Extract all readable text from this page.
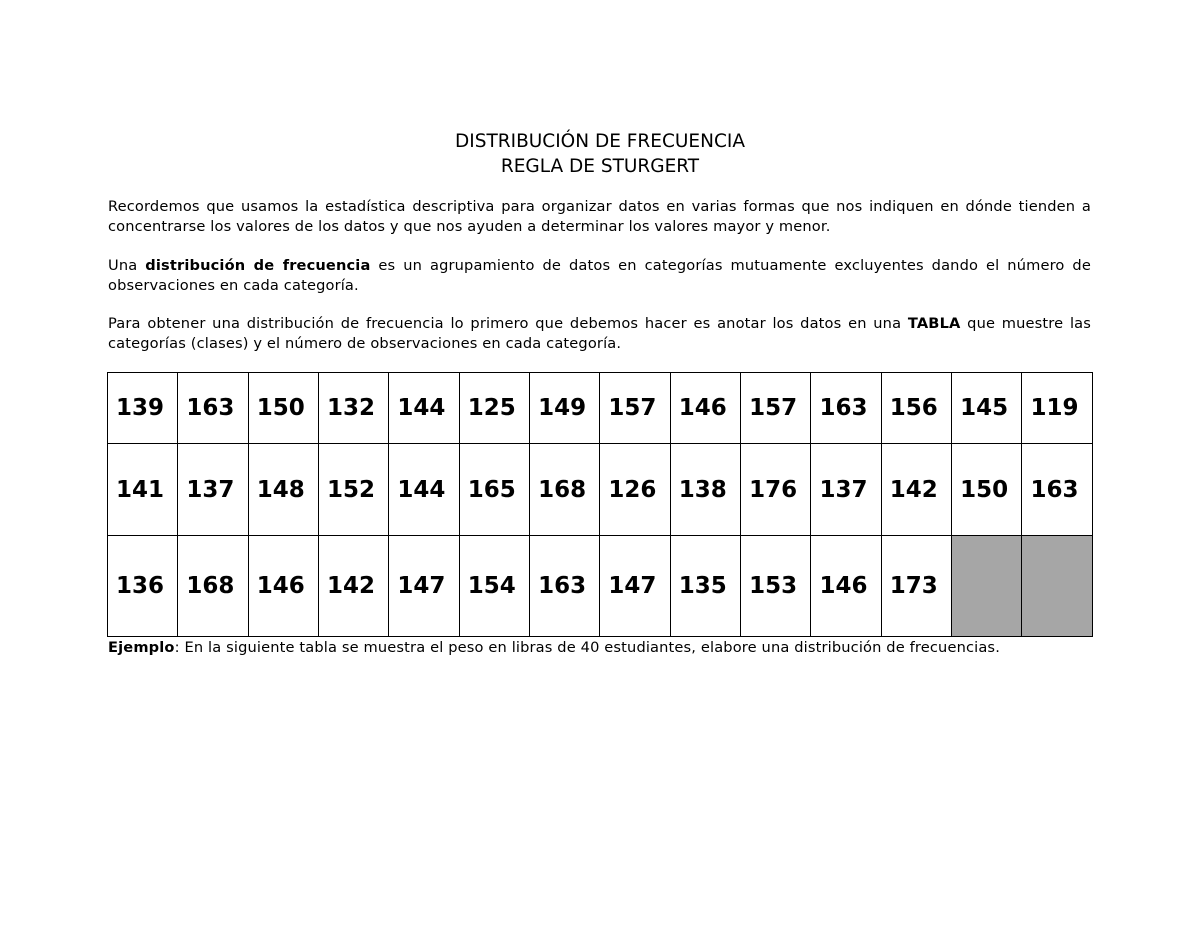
DISTRIBUCIÓN DE FRECUENCIA
REGLA DE STURGERT
Recordemos que usamos la estadística descriptiva para organizar datos en varias formas que nos indiquen en dónde tienden a concentrarse los valores de los datos y que nos ayuden a determinar los valores mayor y menor.
Una distribución de frecuencia es un agrupamiento de datos en categorías mutuamente excluyentes dando el número de observaciones en cada categoría.
Para obtener una distribución de frecuencia lo primero que debemos hacer es anotar los datos en una TABLA que muestre las categorías (clases) y el número de observaciones en cada categoría.
139	163	150	132	144	125	149	157	146	157	163	156	145	119
141	137	148	152	144	165	168	126	138	176	137	142	150	163
136	168	146	142	147	154	163	147	135	153	146	173		
Ejemplo: En la siguiente tabla se muestra el peso en libras de 40 estudiantes, elabore una distribución de frecuencias.
